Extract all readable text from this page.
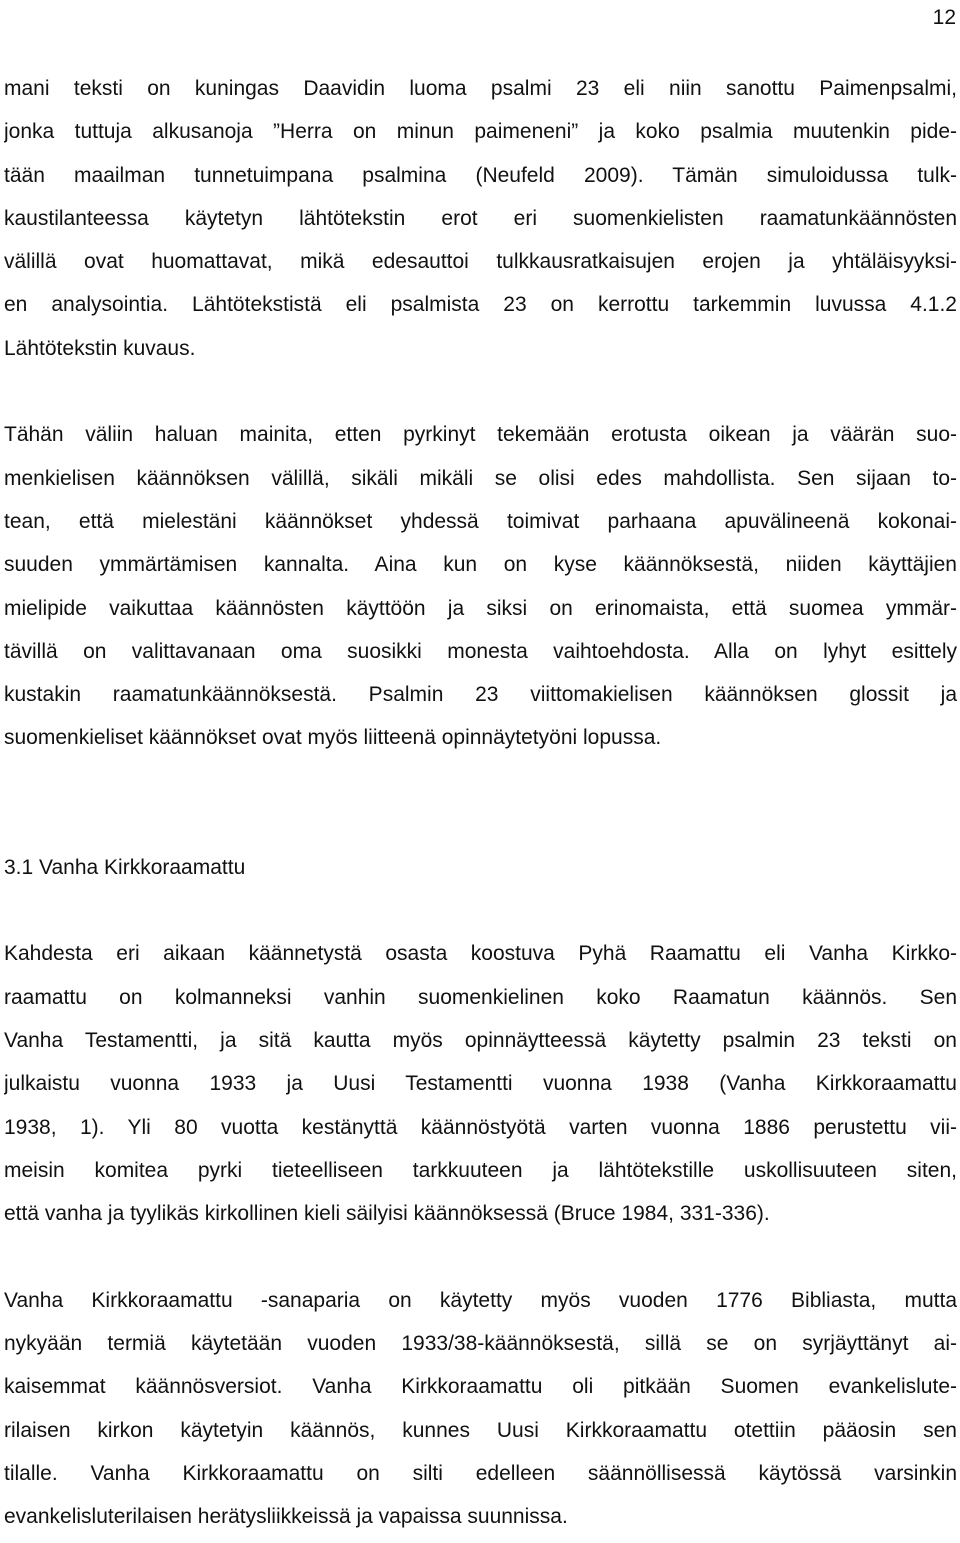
12
mani teksti on kuningas Daavidin luoma psalmi 23 eli niin sanottu Paimenpsalmi,
jonka tuttuja alkusanoja ”Herra on minun paimeneni” ja koko psalmia muutenkin pide-
tään maailman tunnetuimpana psalmina (Neufeld 2009). Tämän simuloidussa tulk-
kaustilanteessa käytetyn lähtötekstin erot eri suomenkielisten raamatunkäännösten
välillä ovat huomattavat, mikä edesauttoi tulkkausratkaisujen erojen ja yhtäläisyyksi-
en analysointia. Lähtötekstistä eli psalmista 23 on kerrottu tarkemmin luvussa 4.1.2
Lähtötekstin kuvaus.
Tähän väliin haluan mainita, etten pyrkinyt tekemään erotusta oikean ja väärän suo-
menkielisen käännöksen välillä, sikäli mikäli se olisi edes mahdollista. Sen sijaan to-
tean, että mielestäni käännökset yhdessä toimivat parhaana apuvälineenä kokonai-
suuden ymmärtämisen kannalta. Aina kun on kyse käännöksestä, niiden käyttäjien
mielipide vaikuttaa käännösten käyttöön ja siksi on erinomaista, että suomea ymmär-
tävillä on valittavanaan oma suosikki monesta vaihtoehdosta. Alla on lyhyt esittely
kustakin raamatunkäännöksestä. Psalmin 23 viittomakielisen käännöksen glossit ja
suomenkieliset käännökset ovat myös liitteenä opinnäytetyöni lopussa.
3.1 Vanha Kirkkoraamattu
Kahdesta eri aikaan käännetystä osasta koostuva Pyhä Raamattu eli Vanha Kirkko-
raamattu on kolmanneksi vanhin suomenkielinen koko Raamatun käännös. Sen
Vanha Testamentti, ja sitä kautta myös opinnäytteessä käytetty psalmin 23 teksti on
julkaistu vuonna 1933 ja Uusi Testamentti vuonna 1938 (Vanha Kirkkoraamattu
1938, 1). Yli 80 vuotta kestänyttä käännöstyötä varten vuonna 1886 perustettu vii-
meisin komitea pyrki tieteelliseen tarkkuuteen ja lähtötekstille uskollisuuteen siten,
että vanha ja tyylikäs kirkollinen kieli säilyisi käännöksessä (Bruce 1984, 331-336).
Vanha Kirkkoraamattu -sanaparia on käytetty myös vuoden 1776 Bibliasta, mutta
nykyään termiä käytetään vuoden 1933/38-käännöksestä, sillä se on syrjäyttänyt ai-
kaisemmat käännösversiot. Vanha Kirkkoraamattu oli pitkään Suomen evankelislute-
rilaisen kirkon käytetyin käännös, kunnes Uusi Kirkkoraamattu otettiin pääosin sen
tilalle. Vanha Kirkkoraamattu on silti edelleen säännöllisessä käytössä varsinkin
evankelisluterilaisen herätysliikkeissä ja vapaissa suunnissa.
